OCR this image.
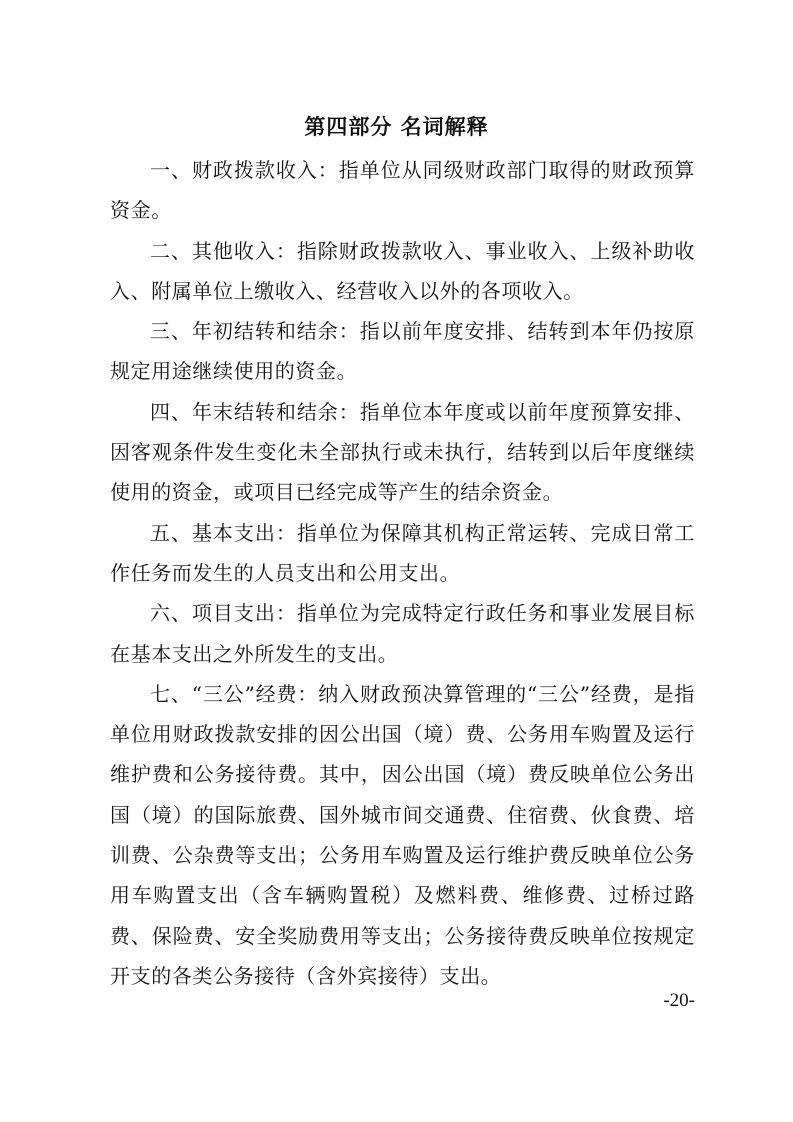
第四部分 名词解释

一、财政拨款收入：指单位从同级财政部门取得的财政预算资金。

二、其他收入：指除财政拨款收入、事业收入、上级补助收入、附属单位上缴收入、经营收入以外的各项收入。

三、年初结转和结余：指以前年度安排、结转到本年仍按原规定用途继续使用的资金。

四、年末结转和结余：指单位本年度或以前年度预算安排、因客观条件发生变化未全部执行或未执行，结转到以后年度继续使用的资金，或项目已经完成等产生的结余资金。

五、基本支出：指单位为保障其机构正常运转、完成日常工作任务而发生的人员支出和公用支出。

六、项目支出：指单位为完成特定行政任务和事业发展目标在基本支出之外所发生的支出。

七、“三公”经费：纳入财政预决算管理的“三公”经费，是指单位用财政拨款安排的因公出国（境）费、公务用车购置及运行维护费和公务接待费。其中，因公出国（境）费反映单位公务出国（境）的国际旅费、国外城市间交通费、住宿费、伙食费、培训费、公杂费等支出；公务用车购置及运行维护费反映单位公务用车购置支出（含车辆购置税）及燃料费、维修费、过桥过路费、保险费、安全奖励费用等支出；公务接待费反映单位按规定开支的各类公务接待（含外宾接待）支出。

-20-
